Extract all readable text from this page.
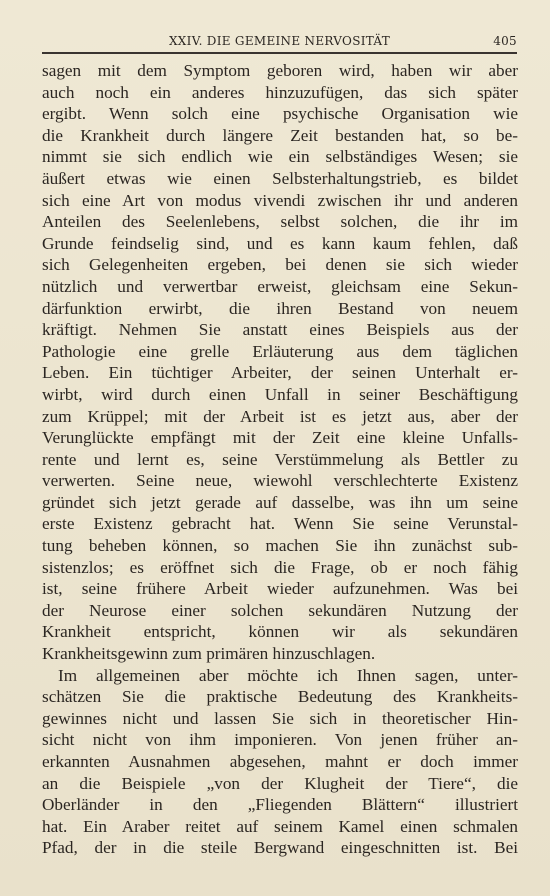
XXIV. DIE GEMEINE NERVOSITÄT	405
sagen mit dem Symptom geboren wird, haben wir aber
auch noch ein anderes hinzuzufügen, das sich später
ergibt. Wenn solch eine psychische Organisation wie
die Krankheit durch längere Zeit bestanden hat, so be-
nimmt sie sich endlich wie ein selbständiges Wesen; sie
äußert etwas wie einen Selbsterhaltungstrieb, es bildet
sich eine Art von modus vivendi zwischen ihr und anderen
Anteilen des Seelenlebens, selbst solchen, die ihr im
Grunde feindselig sind, und es kann kaum fehlen, daß
sich Gelegenheiten ergeben, bei denen sie sich wieder
nützlich und verwertbar erweist, gleichsam eine Sekun-
därfunktion erwirbt, die ihren Bestand von neuem
kräftigt. Nehmen Sie anstatt eines Beispiels aus der
Pathologie eine grelle Erläuterung aus dem täglichen
Leben. Ein tüchtiger Arbeiter, der seinen Unterhalt er-
wirbt, wird durch einen Unfall in seiner Beschäftigung
zum Krüppel; mit der Arbeit ist es jetzt aus, aber der
Verunglückte empfängt mit der Zeit eine kleine Unfalls-
rente und lernt es, seine Verstümmelung als Bettler zu
verwerten. Seine neue, wiewohl verschlechterte Existenz
gründet sich jetzt gerade auf dasselbe, was ihn um seine
erste Existenz gebracht hat. Wenn Sie seine Verunstal-
tung beheben können, so machen Sie ihn zunächst sub-
sistenzlos; es eröffnet sich die Frage, ob er noch fähig
ist, seine frühere Arbeit wieder aufzunehmen. Was bei
der Neurose einer solchen sekundären Nutzung der
Krankheit entspricht, können wir als sekundären
Krankheitsgewinn zum primären hinzuschlagen.
Im allgemeinen aber möchte ich Ihnen sagen, unter-
schätzen Sie die praktische Bedeutung des Krankheits-
gewinnes nicht und lassen Sie sich in theoretischer Hin-
sicht nicht von ihm imponieren. Von jenen früher an-
erkannten Ausnahmen abgesehen, mahnt er doch immer
an die Beispiele „von der Klugheit der Tiere“, die
Oberländer in den „Fliegenden Blättern“ illustriert
hat. Ein Araber reitet auf seinem Kamel einen schmalen
Pfad, der in die steile Bergwand eingeschnitten ist. Bei
